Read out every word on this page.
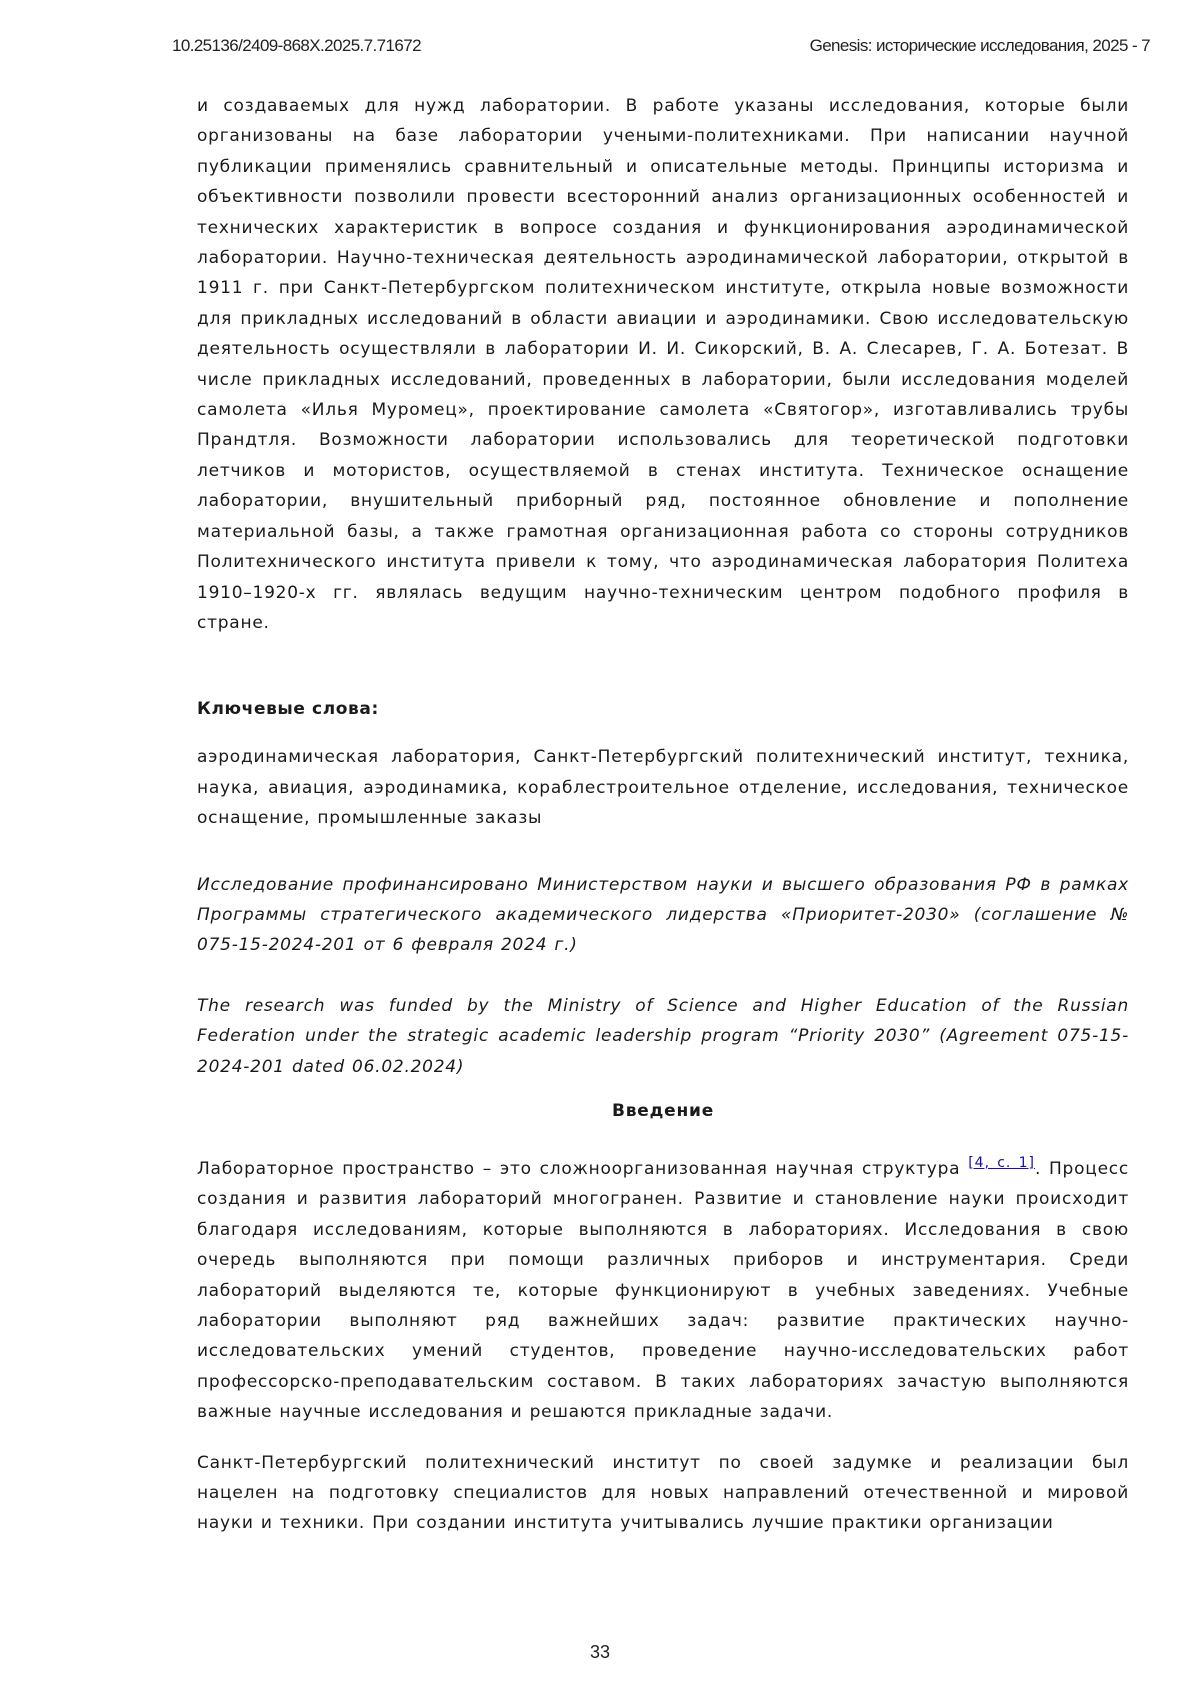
10.25136/2409-868X.2025.7.71672	Genesis: исторические исследования, 2025 - 7

и создаваемых для нужд лаборатории. В работе указаны исследования, которые были организованы на базе лаборатории учеными-политехниками. При написании научной публикации применялись сравнительный и описательные методы. Принципы историзма и объективности позволили провести всесторонний анализ организационных особенностей и технических характеристик в вопросе создания и функционирования аэродинамической лаборатории. Научно-техническая деятельность аэродинамической лаборатории, открытой в 1911 г. при Санкт-Петербургском политехническом институте, открыла новые возможности для прикладных исследований в области авиации и аэродинамики. Свою исследовательскую деятельность осуществляли в лаборатории И. И. Сикорский, В. А. Слесарев, Г. А. Ботезат. В числе прикладных исследований, проведенных в лаборатории, были исследования моделей самолета «Илья Муромец», проектирование самолета «Святогор», изготавливались трубы Прандтля. Возможности лаборатории использовались для теоретической подготовки летчиков и мотористов, осуществляемой в стенах института. Техническое оснащение лаборатории, внушительный приборный ряд, постоянное обновление и пополнение материальной базы, а также грамотная организационная работа со стороны сотрудников Политехнического института привели к тому, что аэродинамическая лаборатория Политеха 1910–1920-х гг. являлась ведущим научно-техническим центром подобного профиля в стране.

Ключевые слова:

аэродинамическая лаборатория, Санкт-Петербургский политехнический институт, техника, наука, авиация, аэродинамика, кораблестроительное отделение, исследования, техническое оснащение, промышленные заказы

Исследование профинансировано Министерством науки и высшего образования РФ в рамках Программы стратегического академического лидерства «Приоритет-2030» (соглашение № 075-15-2024-201 от 6 февраля 2024 г.)

The research was funded by the Ministry of Science and Higher Education of the Russian Federation under the strategic academic leadership program “Priority 2030” (Agreement 075-15-2024-201 dated 06.02.2024)

Введение

Лабораторное пространство – это сложноорганизованная научная структура [4, с. 1]. Процесс создания и развития лабораторий многогранен. Развитие и становление науки происходит благодаря исследованиям, которые выполняются в лабораториях. Исследования в свою очередь выполняются при помощи различных приборов и инструментария. Среди лабораторий выделяются те, которые функционируют в учебных заведениях. Учебные лаборатории выполняют ряд важнейших задач: развитие практических научно-исследовательских умений студентов, проведение научно-исследовательских работ профессорско-преподавательским составом. В таких лабораториях зачастую выполняются важные научные исследования и решаются прикладные задачи.

Санкт-Петербургский политехнический институт по своей задумке и реализации был нацелен на подготовку специалистов для новых направлений отечественной и мировой науки и техники. При создании института учитывались лучшие практики организации

33
